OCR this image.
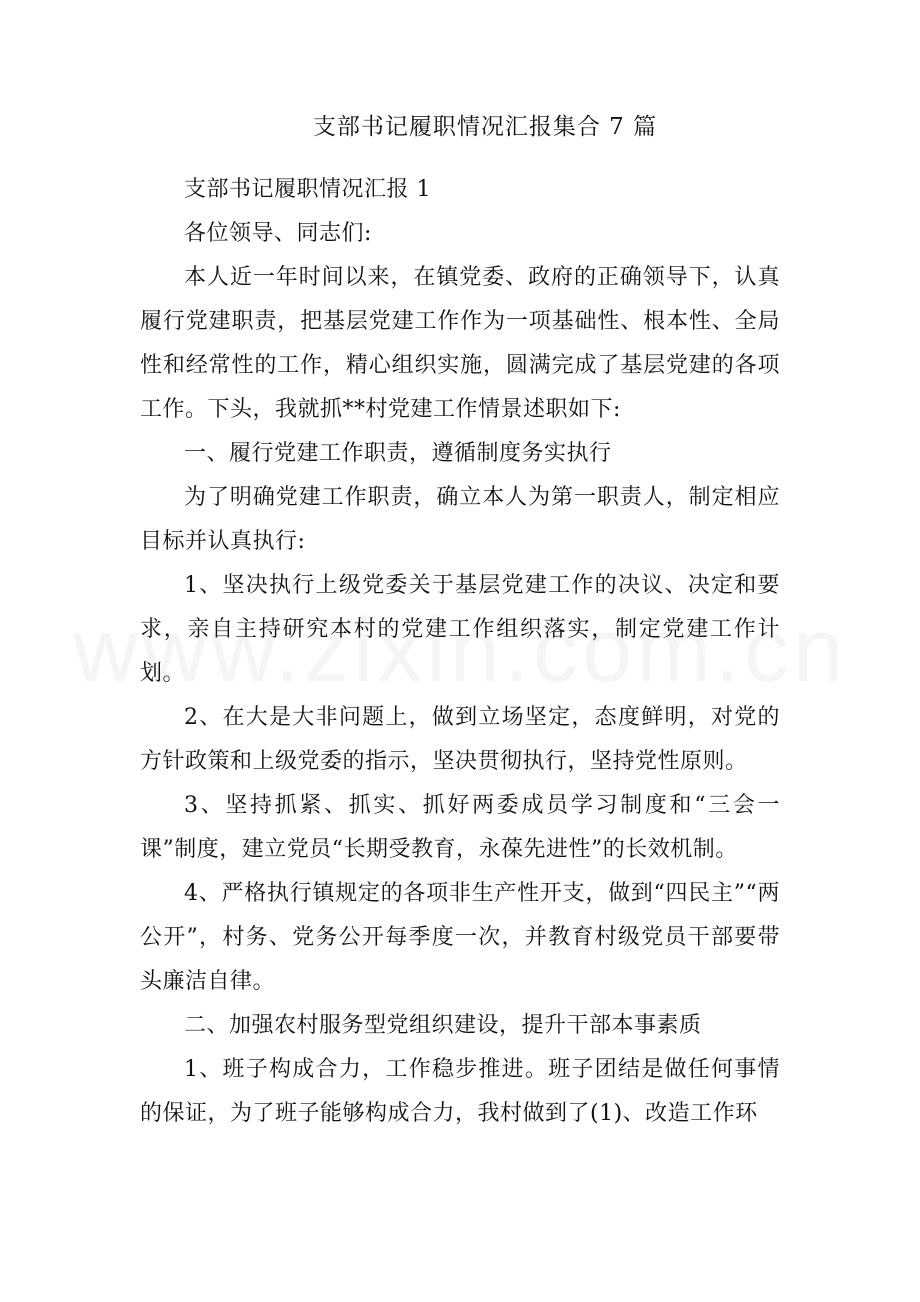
支部书记履职情况汇报集合 7 篇

支部书记履职情况汇报 1

各位领导、同志们:

本人近一年时间以来，在镇党委、政府的正确领导下，认真履行党建职责，把基层党建工作作为一项基础性、根本性、全局性和经常性的工作，精心组织实施，圆满完成了基层党建的各项工作。下头，我就抓**村党建工作情景述职如下:

一、履行党建工作职责，遵循制度务实执行

为了明确党建工作职责，确立本人为第一职责人，制定相应目标并认真执行:

1、坚决执行上级党委关于基层党建工作的决议、决定和要求，亲自主持研究本村的党建工作组织落实，制定党建工作计划。

2、在大是大非问题上，做到立场坚定，态度鲜明，对党的方针政策和上级党委的指示，坚决贯彻执行，坚持党性原则。

3、坚持抓紧、抓实、抓好两委成员学习制度和“三会一课”制度，建立党员“长期受教育，永葆先进性”的长效机制。

4、严格执行镇规定的各项非生产性开支，做到“四民主”“两公开”，村务、党务公开每季度一次，并教育村级党员干部要带头廉洁自律。

二、加强农村服务型党组织建设，提升干部本事素质

1、班子构成合力，工作稳步推进。班子团结是做任何事情的保证，为了班子能够构成合力，我村做到了(1)、改造工作环
